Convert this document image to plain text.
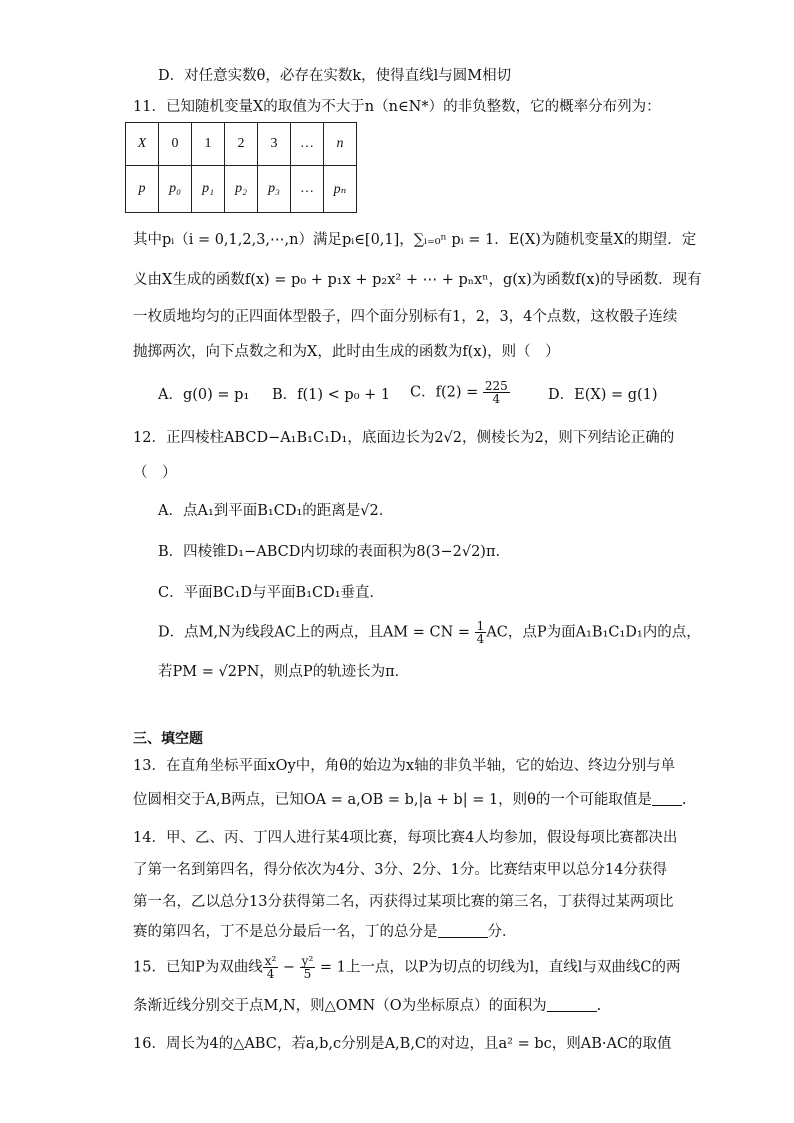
D．对任意实数θ，必存在实数k，使得直线l与圆M相切
11．已知随机变量X的取值为不大于n（n∈N*）的非负整数，它的概率分布列为：
X	0	1	2	3	…	n
p	p₀	p₁	p₂	p₃	…	pₙ
其中pᵢ（i = 0,1,2,3,⋯,n）满足pᵢ∈[0,1]，∑ᵢ₌₀ⁿ pᵢ = 1．E(X)为随机变量X的期望．定
义由X生成的函数f(x) = p₀ + p₁x + p₂x² + ⋯ + pₙxⁿ，g(x)为函数f(x)的导函数．现有
一枚质地均匀的正四面体型骰子，四个面分别标有1，2，3，4个点数，这枚骰子连续
抛掷两次，向下点数之和为X，此时由生成的函数为f(x)，则（　）
A．g(0) = p₁ B．f(1) < p₀ + 1 C．$f(2) = \frac{225}{4}$	D．E(X) = g(1)
12．正四棱柱ABCD−A₁B₁C₁D₁，底面边长为2√2，侧棱长为2，则下列结论正确的
（　）
A．点A₁到平面B₁CD₁的距离是√2．
B．四棱锥D₁−ABCD内切球的表面积为8(3−2√2)π．
C．平面BC₁D与平面B₁CD₁垂直．
D．点M,N为线段AC上的两点，且AM = CN = $\frac{1}{4}$ AC，点P为面A₁B₁C₁D₁内的点，
若PM = √2PN，则点P的轨迹长为π．
三、填空题
13．在直角坐标平面xOy中，角θ的始边为x轴的非负半轴，它的始边、终边分别与单
位圆相交于A,B两点，已知OA = a,OB = b,|a + b| = 1，则θ的一个可能取值是 .
14．甲、乙、丙、丁四人进行某4项比赛，每项比赛4人均参加，假设每项比赛都决出
了第一名到第四名，得分依次为4分、3分、2分、1分。比赛结束甲以总分14分获得
第一名，乙以总分13分获得第二名，丙获得过某项比赛的第三名，丁获得过某两项比
赛的第四名，丁不是总分最后一名，丁的总分是	分．
15．已知P为双曲线 $\frac{\text{x²}}{4} - \frac{\text{y²}}{5} = 1$上一点，以P为切点的切线为l，直线l与双曲线C的两
条渐近线分别交于点M,N，则△OMN（O为坐标原点）的面积为	.
16．周长为4的△ABC，若a,b,c分别是A,B,C的对边，且a² = bc，则AB·AC的取值
